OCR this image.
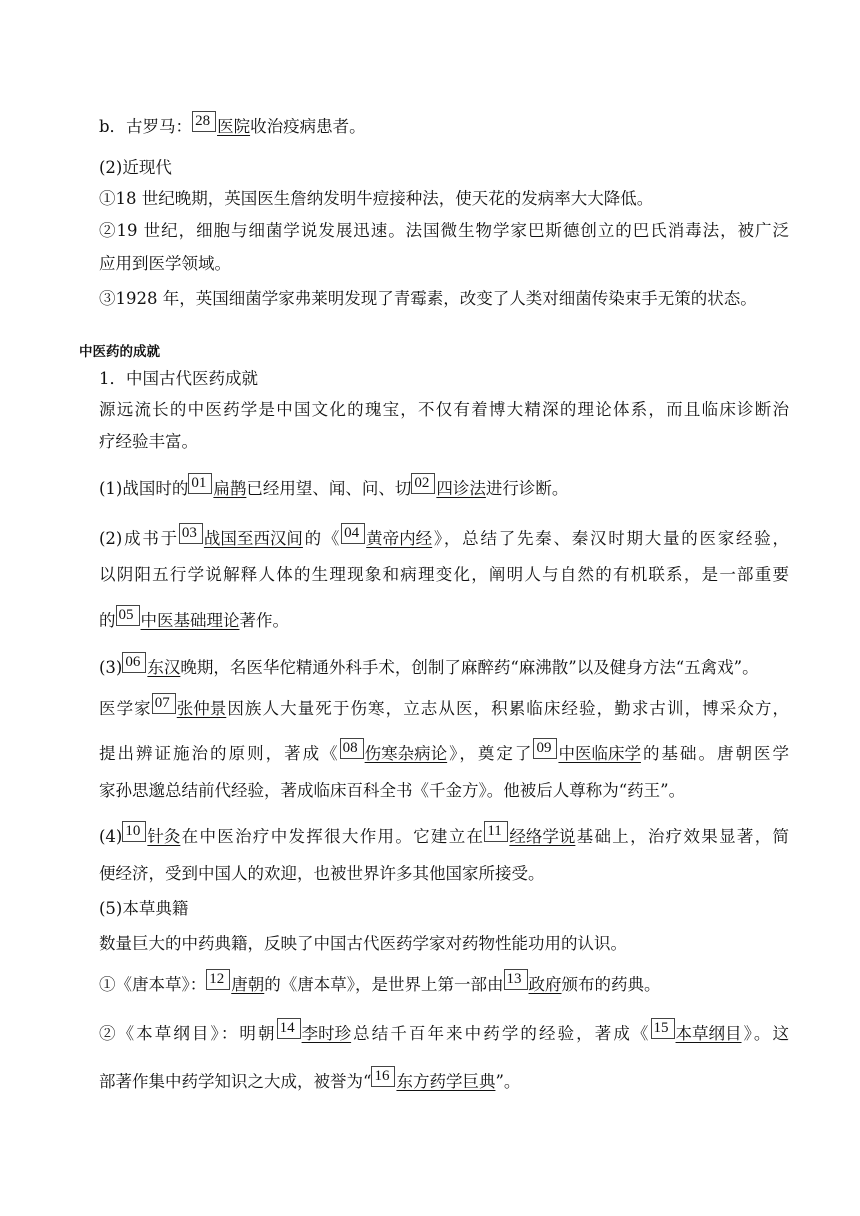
b．古罗马： 28 医院收治疫病患者。
(2)近现代
①18 世纪晚期，英国医生詹纳发明牛痘接种法，使天花的发病率大大降低。
②19 世纪，细胞与细菌学说发展迅速。法国微生物学家巴斯德创立的巴氏消毒法，被广泛
应用到医学领域。
③1928 年，英国细菌学家弗莱明发现了青霉素，改变了人类对细菌传染束手无策的状态。
中医药的成就
1．中国古代医药成就
源远流长的中医药学是中国文化的瑰宝，不仅有着博大精深的理论体系，而且临床诊断治
疗经验丰富。
(1)战国时的 01 扁鹊已经用望、闻、问、切 02 四诊法进行诊断。
(2)成书于 03 战国至西汉间的《 04 黄帝内经》，总结了先秦、秦汉时期大量的医家经验，
以阴阳五行学说解释人体的生理现象和病理变化，阐明人与自然的有机联系，是一部重要
的 05 中医基础理论著作。
(3) 06 东汉晚期，名医华佗精通外科手术，创制了麻醉药“麻沸散”以及健身方法“五禽戏”。
医学家 07 张仲景因族人大量死于伤寒，立志从医，积累临床经验，勤求古训，博采众方，
提出辨证施治的原则，著成《 08 伤寒杂病论》，奠定了 09 中医临床学的基础。唐朝医学
家孙思邈总结前代经验，著成临床百科全书《千金方》。他被后人尊称为“药王”。
(4) 10 针灸在中医治疗中发挥很大作用。它建立在 11 经络学说基础上，治疗效果显著，简
便经济，受到中国人的欢迎，也被世界许多其他国家所接受。
(5)本草典籍
数量巨大的中药典籍，反映了中国古代医药学家对药物性能功用的认识。
①《唐本草》： 12 唐朝的《唐本草》，是世界上第一部由 13 政府颁布的药典。
②《本草纲目》：明朝 14 李时珍总结千百年来中药学的经验，著成《 15 本草纲目》。这
部著作集中药学知识之大成，被誉为“ 16 东方药学巨典”。
